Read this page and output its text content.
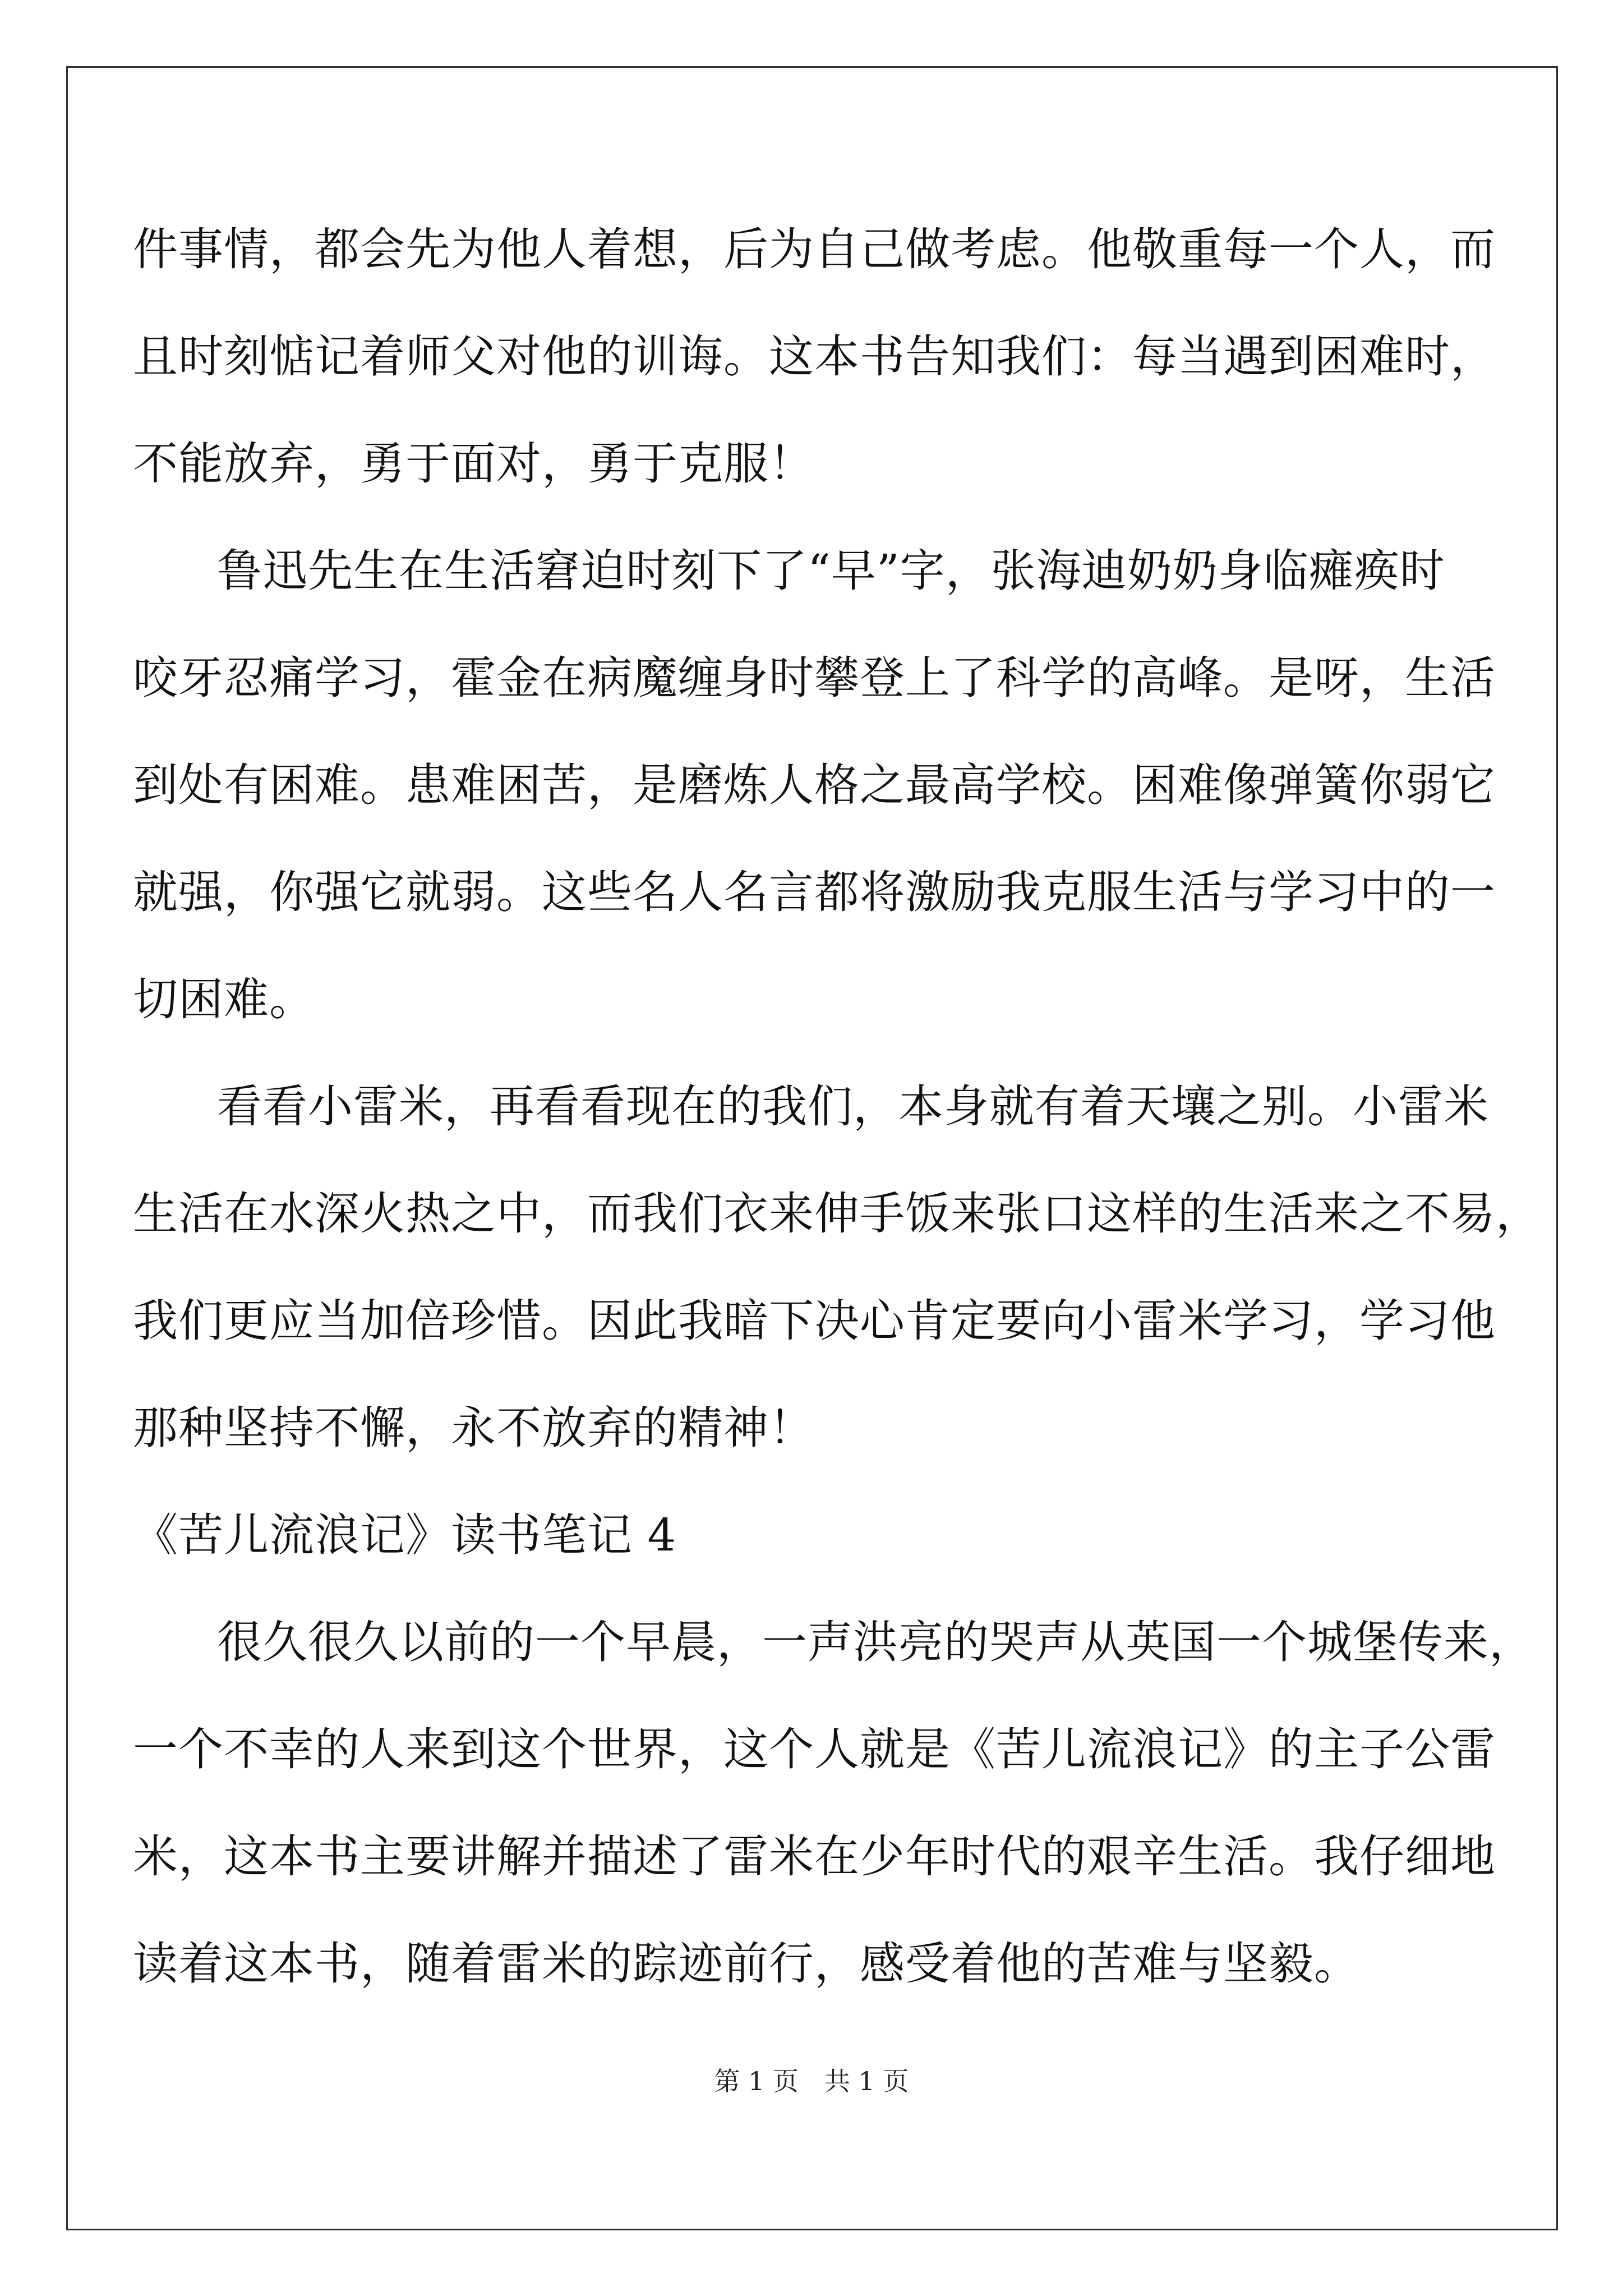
件事情，都会先为他人着想，后为自己做考虑。他敬重每一个人，而
且时刻惦记着师父对他的训诲。这本书告知我们：每当遇到困难时，
不能放弃，勇于面对，勇于克服！
鲁迅先生在生活窘迫时刻下了“早”字，张海迪奶奶身临瘫痪时
咬牙忍痛学习，霍金在病魔缠身时攀登上了科学的高峰。是呀，生活
到处有困难。患难困苦，是磨炼人格之最高学校。困难像弹簧你弱它
就强，你强它就弱。这些名人名言都将激励我克服生活与学习中的一
切困难。
看看小雷米，再看看现在的我们，本身就有着天壤之别。小雷米
生活在水深火热之中，而我们衣来伸手饭来张口这样的生活来之不易，
我们更应当加倍珍惜。因此我暗下决心肯定要向小雷米学习，学习他
那种坚持不懈，永不放弃的精神！
《苦儿流浪记》读书笔记 4
很久很久以前的一个早晨，一声洪亮的哭声从英国一个城堡传来，
一个不幸的人来到这个世界，这个人就是《苦儿流浪记》的主子公雷
米，这本书主要讲解并描述了雷米在少年时代的艰辛生活。我仔细地
读着这本书，随着雷米的踪迹前行，感受着他的苦难与坚毅。
第 1 页　共 1 页
